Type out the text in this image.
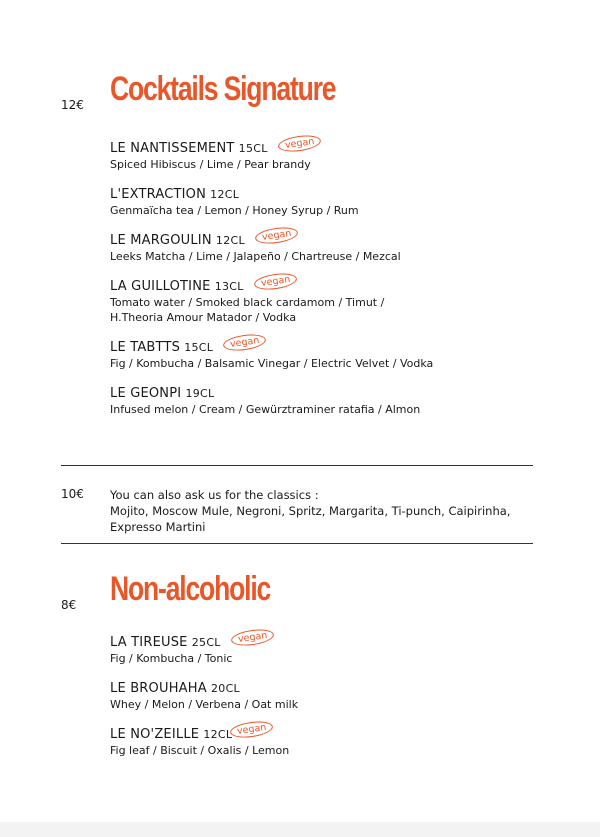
12€ Cocktails Signature
LE NANTISSEMENT 15CL vegan
Spiced Hibiscus / Lime / Pear brandy
L'EXTRACTION 12CL
Genmaïcha tea / Lemon / Honey Syrup / Rum
LE MARGOULIN 12CL vegan
Leeks Matcha / Lime / Jalapeño / Chartreuse / Mezcal
LA GUILLOTINE 13CL vegan
Tomato water / Smoked black cardamom / Timut / H.Theoria Amour Matador / Vodka
LE TABTTS 15CL vegan
Fig / Kombucha / Balsamic Vinegar / Electric Velvet / Vodka
LE GEONPI 19CL
Infused melon / Cream / Gewürztraminer ratafia / Almon
10€ You can also ask us for the classics :
Mojito, Moscow Mule, Negroni, Spritz, Margarita, Ti-punch, Caipirinha, Expresso Martini
8€ Non-alcoholic
LA TIREUSE 25CL vegan
Fig / Kombucha / Tonic
LE BROUHAHA 20CL
Whey / Melon / Verbena / Oat milk
LE NO'ZEILLE 12CL vegan
Fig leaf / Biscuit / Oxalis / Lemon
